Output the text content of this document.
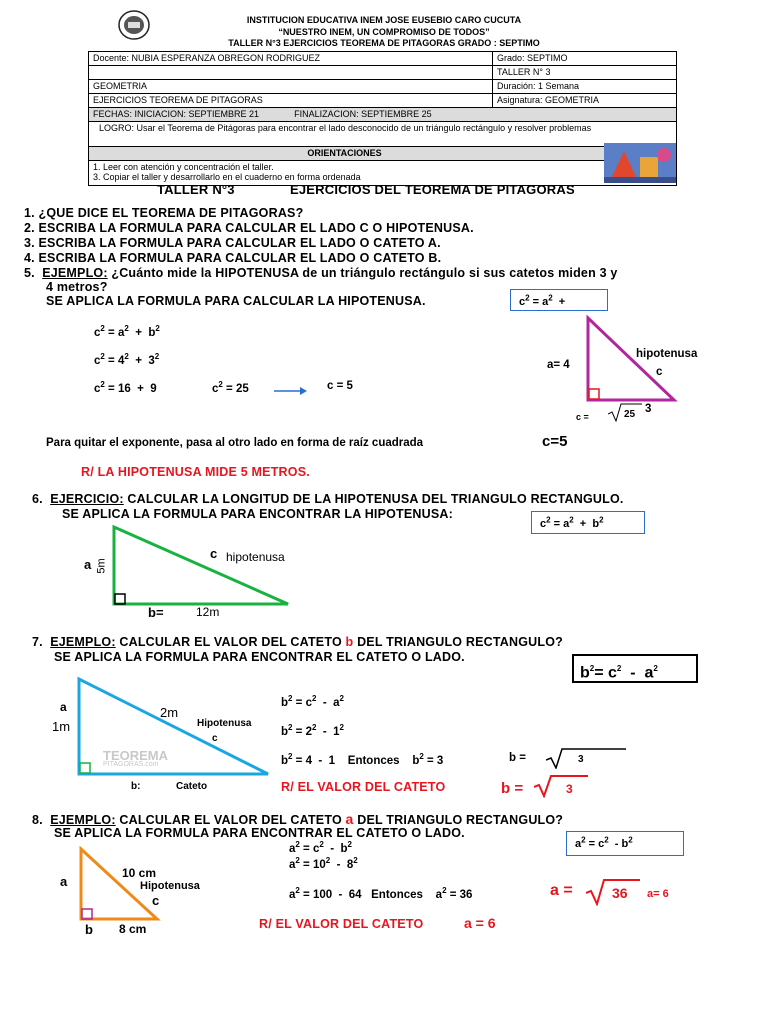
INSTITUCION EDUCATIVA INEM JOSE EUSEBIO CARO CUCUTA
“NUESTRO INEM, UN COMPROMISO DE TODOS”
TALLER N°3 EJERCICIOS TEOREMA DE PITAGORAS GRADO : SEPTIMO
Docente: NUBIA ESPERANZA OBREGON RODRIGUEZ	Grado: SEPTIMO
	TALLER N° 3
GEOMETRIA	Duración: 1 Semana
EJERCICIOS TEOREMA DE PITAGORAS	Asignatura: GEOMETRIA
FECHAS: INICIACION: SEPTIEMBRE 21 FINALIZACION: SEPTIEMBRE 25	
LOGRO: Usar el Teorema de Pitágoras para encontrar el lado desconocido de un triángulo rectángulo y resolver problemas	
ORIENTACIONES	

1. Leer con atención y concentración el taller.
3. Copiar el taller y desarrollarlo en el cuaderno en forma ordenada	
TALLER N°3	EJERCICIOS DEL TEOREMA DE PITAGORAS
1. ¿QUE DICE EL TEOREMA DE PITAGORAS?
2. ESCRIBA LA FORMULA PARA CALCULAR EL LADO C O HIPOTENUSA.
3. ESCRIBA LA FORMULA PARA CALCULAR EL LADO O CATETO A.
4. ESCRIBA LA FORMULA PARA CALCULAR EL LADO O CATETO B.
5. EJEMPLO: ¿Cuánto mide la HIPOTENUSA de un triángulo rectángulo si sus catetos miden 3 y
4 metros?
SE APLICA LA FORMULA PARA CALCULAR LA HIPOTENUSA.	$c^2 = a^2$  +
$c^2 = a^2 + b^2$
$c^2 = 4^2 + 3^2$
$c^2 = 16 + 9$	$c^2 = 25$	c = 5
a= 4
hipotenusa
c
c =	25 3
Para quitar el exponente, pasa al otro lado en forma de raíz cuadrada	c=5
R/ LA HIPOTENUSA MIDE 5 METROS.
6. EJERCICIO: CALCULAR LA LONGITUD DE LA HIPOTENUSA DEL TRIANGULO RECTANGULO.
SE APLICA LA FORMULA PARA ENCONTRAR LA HIPOTENUSA:
$c^2 = a^2 + b^2$
a 5m
c hipotenusa
b=	12m
7. EJEMPLO: CALCULAR EL VALOR DEL CATETO b DEL TRIANGULO RECTANGULO?
SE APLICA LA FORMULA PARA ENCONTRAR EL CATETO O LADO.
$b^2= c^2 - a^2$
TEOREMA
PITAGORAS.com
a
1m
2m
Hipotenusa
c
b:	Cateto
$b^2 = c^2 - a^2$
$b^2 = 2^2 - 1^2$
$b^2 = 4 - 1$    Entonces    $b^2 = 3$	b =	3
R/ EL VALOR DEL CATETO	b =	3
8. EJEMPLO: CALCULAR EL VALOR DEL CATETO a DEL TRIANGULO RECTANGULO?
SE APLICA LA FORMULA PARA ENCONTRAR EL CATETO O LADO.
$a^2 = c^2 - b^2$
a
10 cm
Hipotenusa
c
b 8 cm
$a^2 = c^2 - b^2$
$a^2 = 10^2 - 8^2$
$a^2 = 100 - 64$   Entonces    $a^2 = 36$	a =	36 a= 6
R/ EL VALOR DEL CATETO	a = 6
